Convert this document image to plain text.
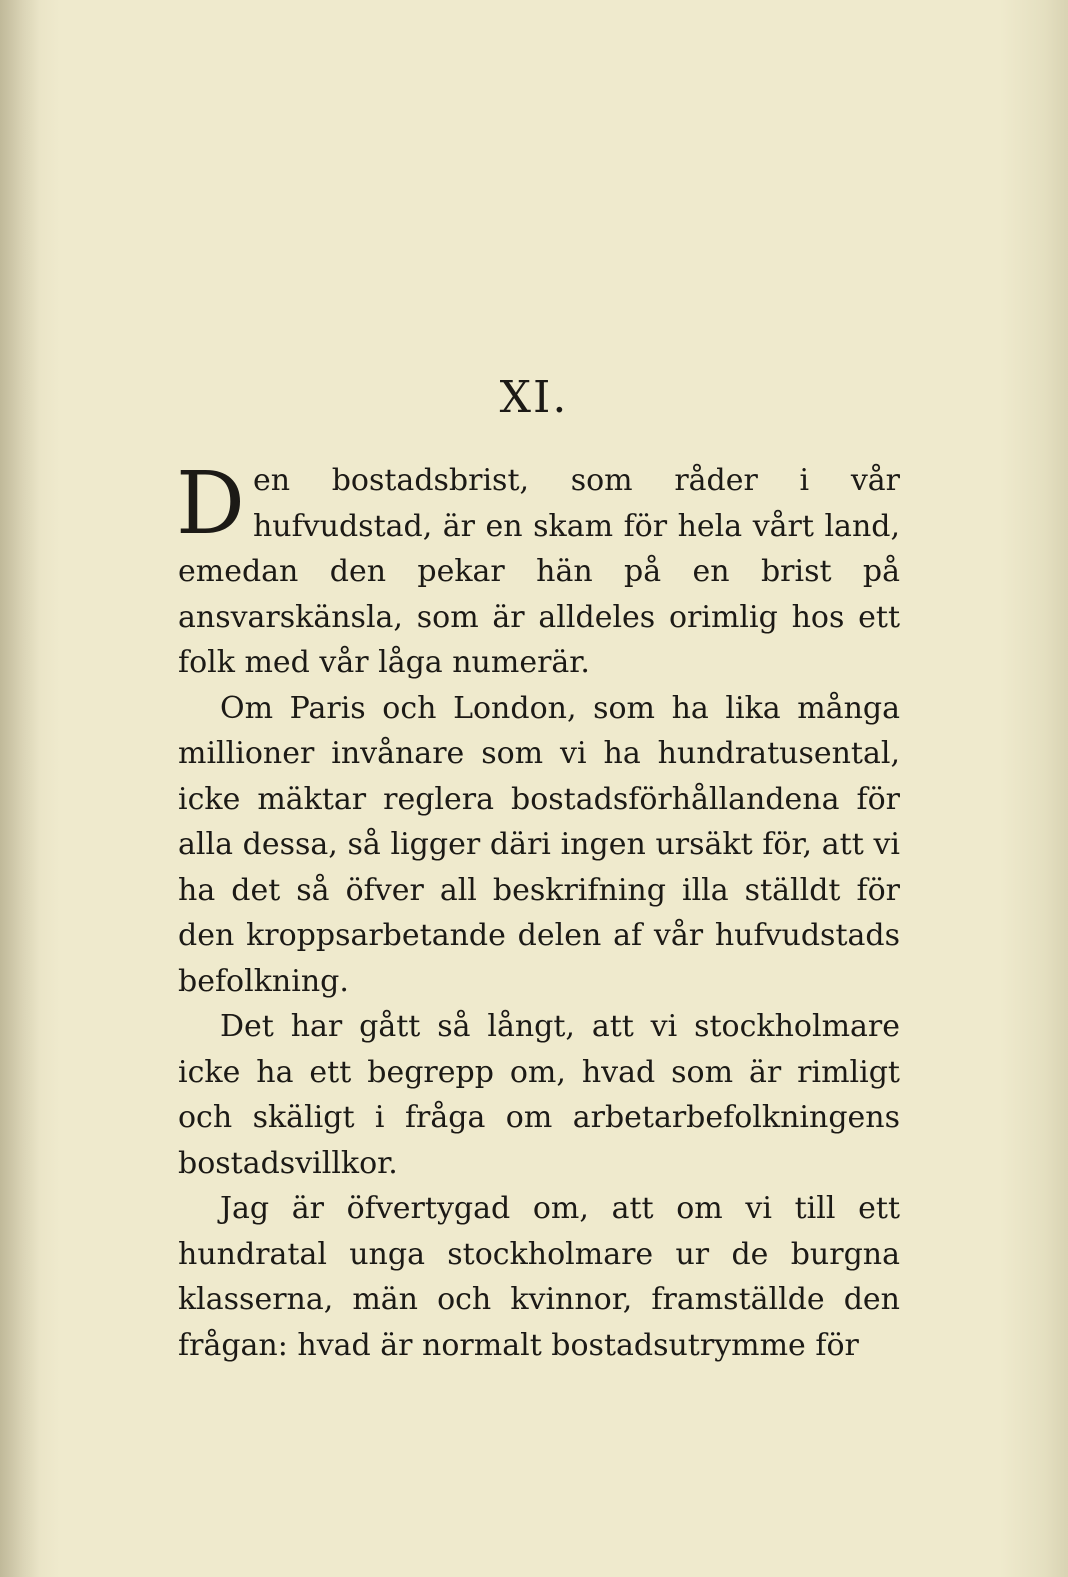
XI.

Den bostadsbrist, som råder i vår hufvudstad, är en skam för hela vårt land, emedan den pekar hän på en brist på ansvarskänsla, som är alldeles orimlig hos ett folk med vår låga numerär.

Om Paris och London, som ha lika många millioner invånare som vi ha hundratusental, icke mäktar reglera bostadsförhållandena för alla dessa, så ligger däri ingen ursäkt för, att vi ha det så öfver all beskrifning illa ställdt för den kroppsarbetande delen af vår hufvudstads befolkning.

Det har gått så långt, att vi stockholmare icke ha ett begrepp om, hvad som är rimligt och skäligt i fråga om arbetarbefolkningens bostadsvillkor.

Jag är öfvertygad om, att om vi till ett hundratal unga stockholmare ur de burgna klasserna, män och kvinnor, framställde den frågan: hvad är normalt bostadsutrymme för
